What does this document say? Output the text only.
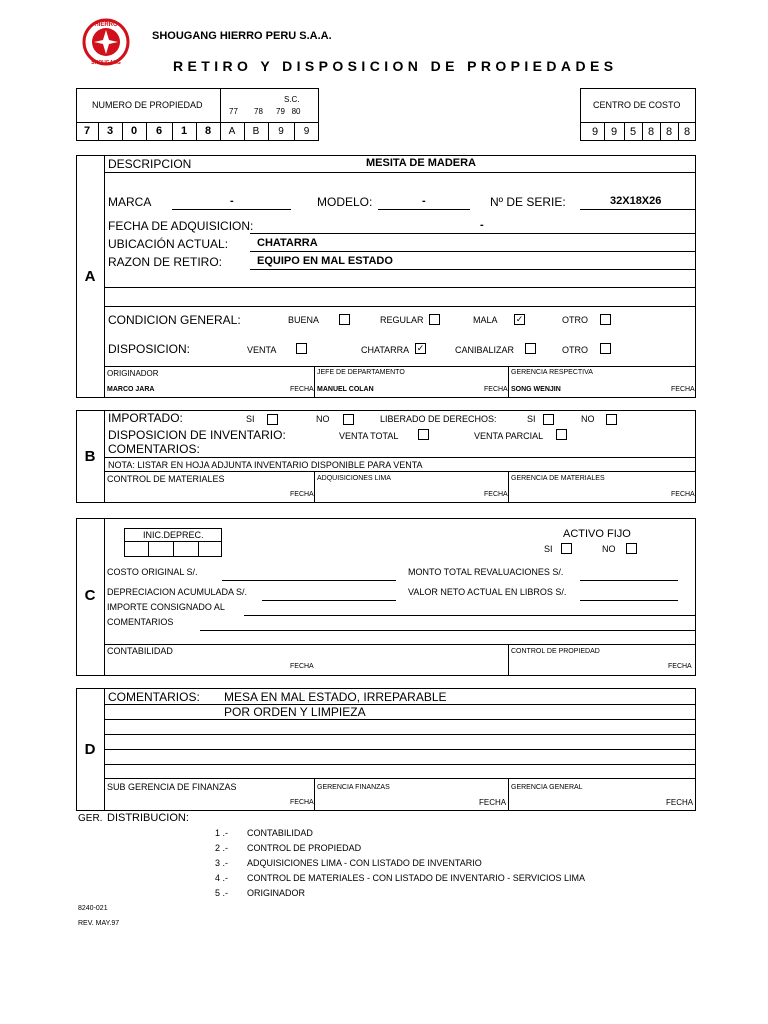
HIERRO
SHOUGANG
SHOUGANG HIERRO PERU S.A.A.
RETIRO Y DISPOSICION DE PROPIEDADES
NUMERO DE PROPIEDAD
77 78
S.C.
79   80
7	3	0	6	1	8	A	B	9	9
CENTRO DE COSTO
9	9	5	8	8	8
A
DESCRIPCION	MESITA DE MADERA
MARCA	-	MODELO:	-	Nº DE SERIE:	32X18X26
FECHA DE ADQUISICION:	-
UBICACIÓN ACTUAL:	CHATARRA
RAZON DE RETIRO:	EQUIPO EN MAL ESTADO
CONDICION GENERAL:	BUENA	REGULAR	MALA ✓	OTRO
DISPOSICION:	VENTA	CHATARRA ✓	CANIBALIZAR	OTRO
ORIGINADOR
MARCO JARA	FECHA
JEFE DE DEPARTAMENTO
MANUEL COLAN	FECHA
GERENCIA RESPECTIVA
SONG WENJIN	FECHA
B
IMPORTADO:	SI	NO	LIBERADO DE DERECHOS:	SI	NO
DISPOSICION DE INVENTARIO:	VENTA TOTAL	VENTA PARCIAL
COMENTARIOS:
NOTA: LISTAR EN HOJA ADJUNTA INVENTARIO DISPONIBLE PARA VENTA
CONTROL DE MATERIALES
FECHA
ADQUISICIONES LIMA
FECHA
GERENCIA DE MATERIALES
FECHA
C
INIC.DEPREC.	ACTIVO FIJO
SI	NO
COSTO ORIGINAL S/.	MONTO TOTAL REVALUACIONES S/.
DEPRECIACION ACUMULADA S/.	VALOR NETO ACTUAL EN LIBROS S/.
IMPORTE CONSIGNADO AL
COMENTARIOS
CONTABILIDAD
FECHA
CONTROL DE PROPIEDAD
FECHA
D
COMENTARIOS: MESA EN MAL ESTADO, IRREPARABLE
POR ORDEN Y LIMPIEZA
SUB GERENCIA DE FINANZAS
FECHA
GERENCIA FINANZAS
FECHA
GERENCIA GENERAL
FECHA
GER. DISTRIBUCION:
1 .- CONTABILIDAD
2 .- CONTROL DE PROPIEDAD
3 .- ADQUISICIONES LIMA - CON LISTADO DE INVENTARIO
4 .- CONTROL DE MATERIALES - CON LISTADO DE INVENTARIO - SERVICIOS LIMA
5 .- ORIGINADOR
8240-021
REV. MAY.97
